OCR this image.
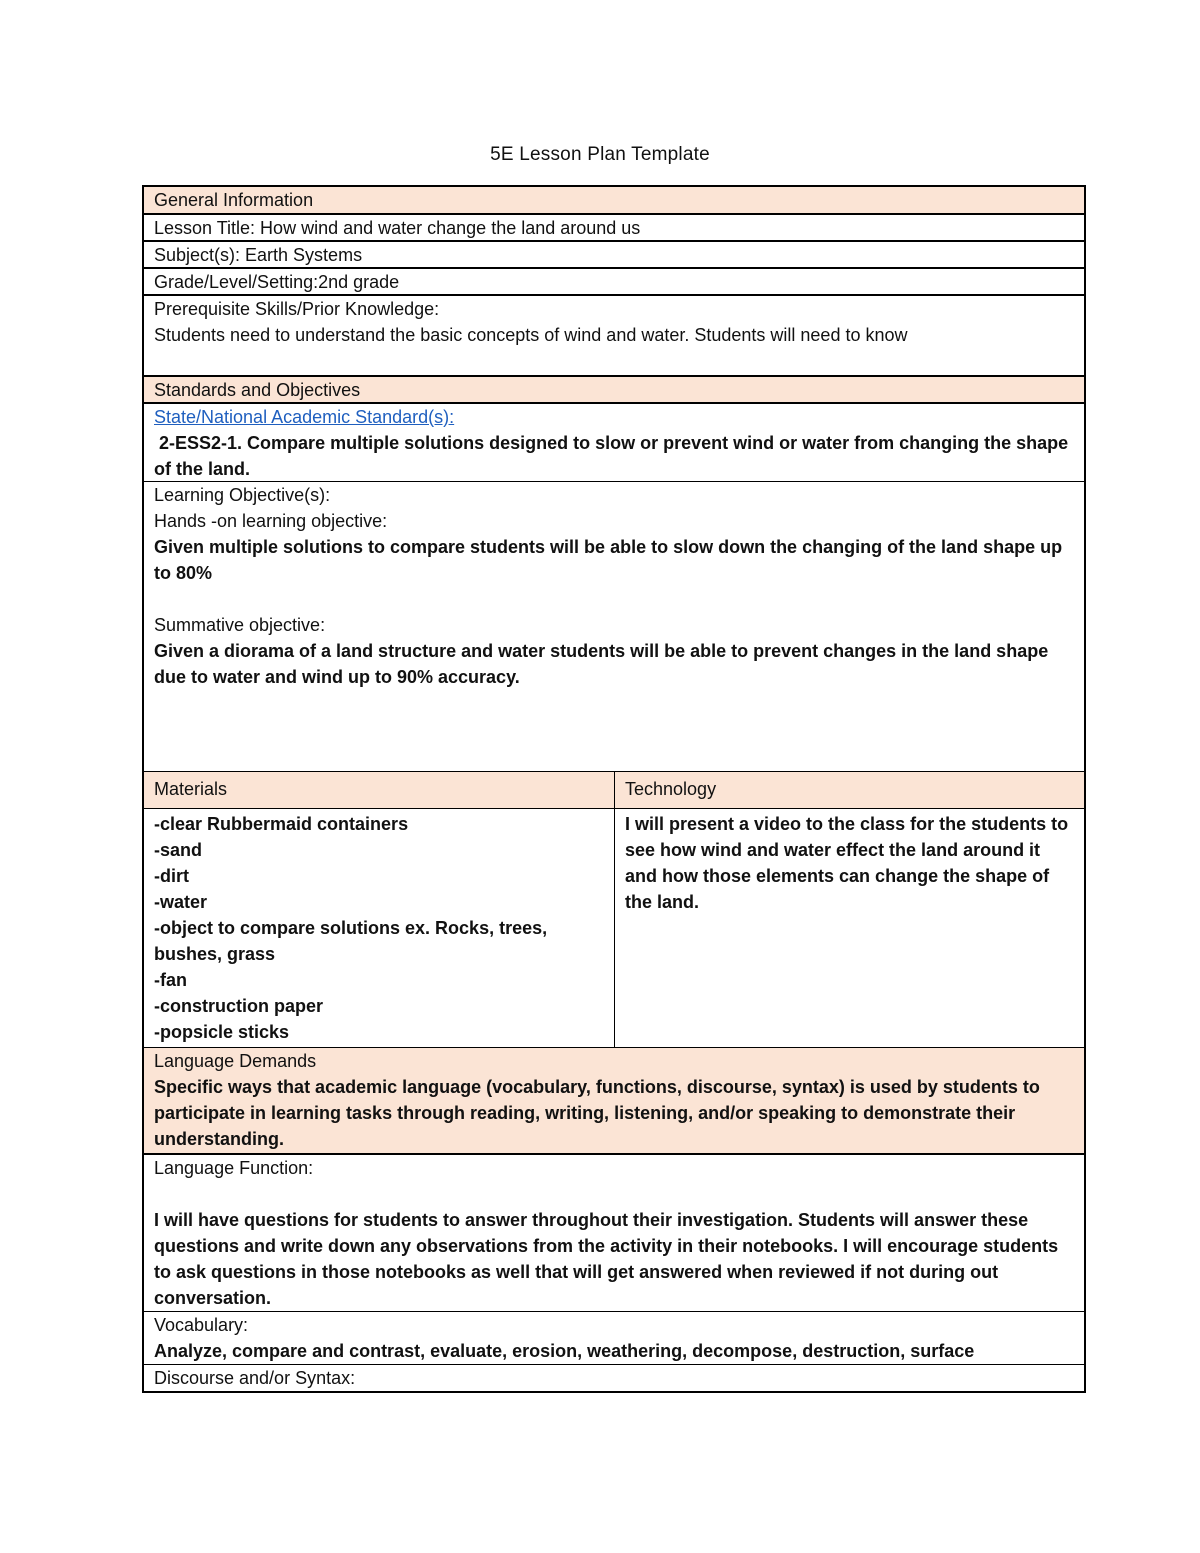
5E Lesson Plan Template
General Information
Lesson Title: How wind and water change the land around us
Subject(s): Earth Systems
Grade/Level/Setting:2nd grade
Prerequisite Skills/Prior Knowledge:
Students need to understand the basic concepts of wind and water. Students will need to know
Standards and Objectives
State/National Academic Standard(s):
2-ESS2-1. Compare multiple solutions designed to slow or prevent wind or water from changing the shape of the land.
Learning Objective(s):
Hands -on learning objective:
Given multiple solutions to compare students will be able to slow down the changing of the land shape up to 80%
Summative objective:
Given a diorama of a land structure and water students will be able to prevent changes in the land shape due to water and wind up to 90% accuracy.
Materials	Technology
-clear Rubbermaid containers
-sand
-dirt
-water
-object to compare solutions ex. Rocks, trees, bushes, grass
-fan
-construction paper
-popsicle sticks
I will present a video to the class for the students to see how wind and water effect the land around it and how those elements can change the shape of the land.
Language Demands
Specific ways that academic language (vocabulary, functions, discourse, syntax) is used by students to participate in learning tasks through reading, writing, listening, and/or speaking to demonstrate their understanding.
Language Function:
I will have questions for students to answer throughout their investigation. Students will answer these questions and write down any observations from the activity in their notebooks. I will encourage students to ask questions in those notebooks as well that will get answered when reviewed if not during out conversation.
Vocabulary:
Analyze, compare and contrast, evaluate, erosion, weathering, decompose, destruction, surface
Discourse and/or Syntax:
